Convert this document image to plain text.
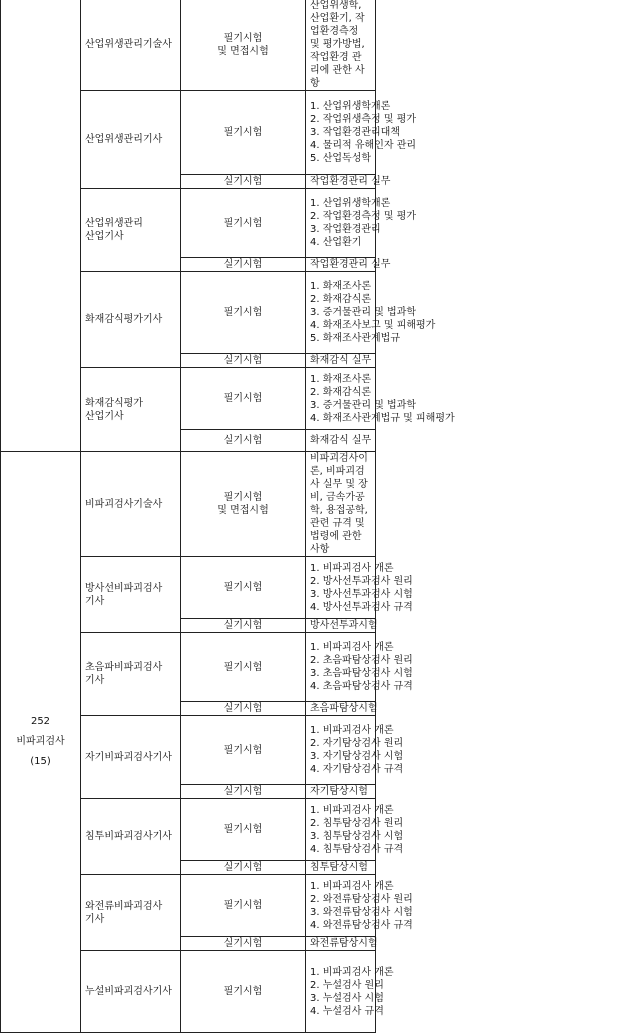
	산업위생관리기술사	필기시험
및 면접시험	산업위생학, 산업환기, 작업환경측정 및 평가방법, 작업환경 관리에 관한 사항

	산업위생관리기사	필기시험	1. 산업위생학개론
2. 작업위생측정 및 평가
3. 작업환경관리대책
4. 물리적 유해인자 관리
5. 산업독성학

		실기시험	작업환경관리 실무

	산업위생관리
산업기사	필기시험	1. 산업위생학개론
2. 작업환경측정 및 평가
3. 작업환경관리
4. 산업환기

		실기시험	작업환경관리 실무

	화재감식평가기사	필기시험	1. 화재조사론
2. 화재감식론
3. 증거물관리 및 법과학
4. 화재조사보고 및 피해평가
5. 화재조사관계법규

		실기시험	화재감식 실무

	화재감식평가
산업기사	필기시험	1. 화재조사론
2. 화재감식론
3. 증거물관리 및 법과학
4. 화재조사관계법규 및 피해평가

		실기시험	화재감식 실무

252
비파괴검사
(15)	비파괴검사기술사	필기시험
및 면접시험	비파괴검사이론, 비파괴검사 실무 및 장비, 금속가공학, 용접공학, 관련 규격 및 법령에 관한 사항

	방사선비파괴검사
기사	필기시험	1. 비파괴검사 개론
2. 방사선투과검사 원리
3. 방사선투과검사 시험
4. 방사선투과검사 규격

		실기시험	방사선투과시험

	초음파비파괴검사
기사	필기시험	1. 비파괴검사 개론
2. 초음파탐상검사 원리
3. 초음파탐상검사 시험
4. 초음파탐상검사 규격

		실기시험	초음파탐상시험

	자기비파괴검사기사	필기시험	1. 비파괴검사 개론
2. 자기탐상검사 원리
3. 자기탐상검사 시험
4. 자기탐상검사 규격

		실기시험	자기탐상시험

	침투비파괴검사기사	필기시험	1. 비파괴검사 개론
2. 침투탐상검사 원리
3. 침투탐상검사 시험
4. 침투탐상검사 규격

		실기시험	침투탐상시험

	와전류비파괴검사
기사	필기시험	1. 비파괴검사 개론
2. 와전류탐상검사 원리
3. 와전류탐상검사 시험
4. 와전류탐상검사 규격

		실기시험	와전류탐상시험

	누설비파괴검사기사	필기시험	1. 비파괴검사 개론
2. 누설검사 원리
3. 누설검사 시험
4. 누설검사 규격
